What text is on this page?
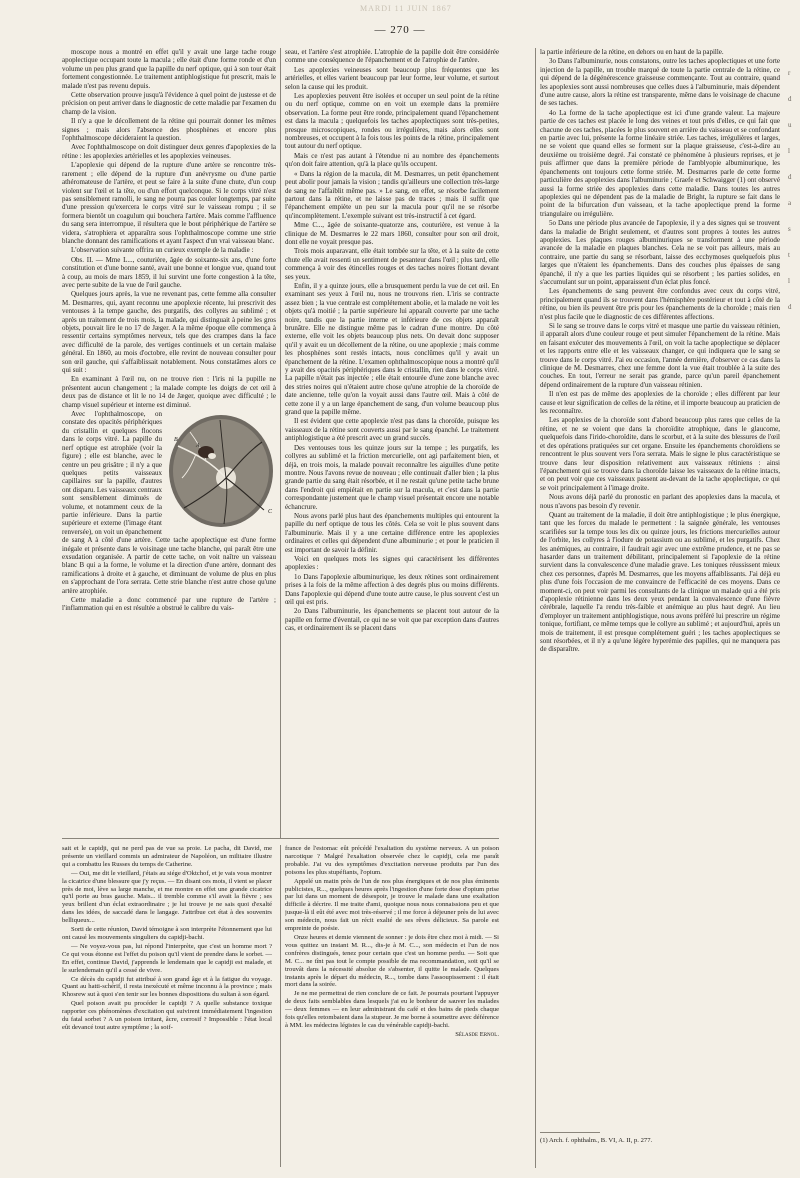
MARDI 11 JUIN 1867
— 270 —

moscope nous a montré en effet qu'il y avait une large tache rouge apoplectique occupant toute la macula ; elle était d'une forme ronde et d'un volume un peu plus grand que la papille du nerf optique, qui à son tour était fortement congestionnée. Le traitement antiphlogistique fut prescrit, mais le malade n'est pas revenu depuis.

Cette observation prouve jusqu'à l'évidence à quel point de justesse et de précision on peut arriver dans le diagnostic de cette maladie par l'examen du champ de la vision.

Il n'y a que le décollement de la rétine qui pourrait donner les mêmes signes ; mais alors l'absence des phosphènes et encore plus l'ophthalmoscope décideraient la question.

Avec l'ophthalmoscope on doit distinguer deux genres d'apoplexies de la rétine : les apoplexies artérielles et les apoplexies veineuses.

L'apoplexie qui dépend de la rupture d'une artère se rencontre très-rarement ; elle dépend de la rupture d'un anévrysme ou d'une partie athéromateuse de l'artère, et peut se faire à la suite d'une chute, d'un coup violent sur l'œil et la tête, ou d'un effort quelconque. Si le corps vitré n'est pas sensiblement ramolli, le sang ne pourra pas couler longtemps, par suite d'une pression qu'exercera le corps vitré sur le vaisseau rompu ; il se formera bientôt un coagulum qui bouchera l'artère. Mais comme l'affluence du sang sera interrompue, il résultera que le bout périphérique de l'artère se videra, s'atrophiera et apparaîtra sous l'ophthalmoscope comme une strie blanche donnant des ramifications et ayant l'aspect d'un vrai vaisseau blanc.

L'observation suivante offrira un curieux exemple de la maladie :

Obs. II. — Mme L..., couturière, âgée de soixante-six ans, d'une forte constitution et d'une bonne santé, avait une bonne et longue vue, quand tout à coup, au mois de mars 1859, il lui survint une forte congestion à la tête, avec perte subite de la vue de l'œil gauche.

Quelques jours après, la vue ne revenant pas, cette femme alla consulter M. Desmarres, qui, ayant reconnu une apoplexie récente, lui prescrivit des ventouses à la tempe gauche, des purgatifs, des collyres au sublimé ; et après un traitement de trois mois, la malade, qui distinguait à peine les gros objets, pouvait lire le no 17 de Jæger. A la même époque elle commença à ressentir certains symptômes nerveux, tels que des crampes dans la face avec difficulté de la parole, des vertiges continuels et un certain malaise général. En 1860, au mois d'octobre, elle revint de nouveau consulter pour son œil gauche, qui s'affaiblissait notablement. Nous constatâmes alors ce qui suit :

En examinant à l'œil nu, on ne trouve rien : l'iris ni la pupille ne présentent aucun changement ; la malade compte les doigts de cet œil à deux pas de distance et lit le no 14 de Jæger, quoique avec difficulté ; le champ visuel supérieur et interne est diminué.

A
B
C

Avec l'ophthalmoscope, on constate des opacités périphériques du cristallin et quelques flocons dans le corps vitré. La papille du nerf optique est atrophiée (voir la figure) ; elle est blanche, avec le centre un peu grisâtre ; il n'y a que quelques petits vaisseaux capillaires sur la papille, d'autres ont disparu. Les vaisseaux centraux sont sensiblement diminués de volume, et notamment ceux de la partie inférieure. Dans la partie supérieure et externe (l'image étant renversée), on voit un épanchement de sang A à côté d'une artère. Cette tache apoplectique est d'une forme inégale et présente dans le voisinage une tache blanche, qui paraît être une exsudation organisée. A partir de cette tache, on voit naître un vaisseau blanc B qui a la forme, le volume et la direction d'une artère, donnant des ramifications à droite et à gauche, et diminuant de volume de plus en plus en s'approchant de l'ora serrata. Cette strie blanche n'est autre chose qu'une artère atrophiée.

Cette maladie a donc commencé par une rupture de l'artère ; l'inflammation qui en est résultée a obstrué le calibre du vais-

seau, et l'artère s'est atrophiée. L'atrophie de la papille doit être considérée comme une conséquence de l'épanchement et de l'atrophie de l'artère.

Les apoplexies veineuses sont beaucoup plus fréquentes que les artérielles, et elles varient beaucoup par leur forme, leur volume, et surtout selon la cause qui les produit.

Les apoplexies peuvent être isolées et occuper un seul point de la rétine ou du nerf optique, comme on en voit un exemple dans la première observation. La forme peut être ronde, principalement quand l'épanchement est dans la macula ; quelquefois les taches apoplectiques sont très-petites, presque microscopiques, rondes ou irrégulières, mais alors elles sont nombreuses, et occupent à la fois tous les points de la rétine, principalement tout autour du nerf optique.

Mais ce n'est pas autant à l'étendue ni au nombre des épanchements qu'on doit faire attention, qu'à la place qu'ils occupent.

« Dans la région de la macula, dit M. Desmarres, un petit épanchement peut abolir pour jamais la vision ; tandis qu'ailleurs une collection très-large de sang ne l'affaiblit même pas. » Le sang, en effet, se résorbe facilement partout dans la rétine, et ne laisse pas de traces ; mais il suffit que l'épanchement empiète un peu sur la macula pour qu'il ne se résorbe qu'incomplètement. L'exemple suivant est très-instructif à cet égard.

Mme C..., âgée de soixante-quatorze ans, couturière, est venue à la clinique de M. Desmarres le 22 mars 1860, consulter pour son œil droit, dont elle ne voyait presque pas.

Trois mois auparavant, elle était tombée sur la tête, et à la suite de cette chute elle avait ressenti un sentiment de pesanteur dans l'œil ; plus tard, elle commença à voir des étincelles rouges et des taches noires flottant devant ses yeux.

Enfin, il y a quinze jours, elle a brusquement perdu la vue de cet œil. En examinant ses yeux à l'œil nu, nous ne trouvons rien. L'iris se contracte assez bien ; la vue centrale est complétement abolie, et la malade ne voit les objets qu'à moitié ; la partie supérieure lui apparaît couverte par une tache noire, tandis que la partie interne et inférieure de ces objets apparaît brunâtre. Elle ne distingue même pas le cadran d'une montre. Du côté externe, elle voit les objets beaucoup plus nets. On devait donc supposer qu'il y avait eu un décollement de la rétine, ou une apoplexie ; mais comme les phosphènes sont restés intacts, nous conclûmes qu'il y avait un épanchement de la rétine. L'examen ophthalmoscopique nous a montré qu'il y avait des opacités périphériques dans le cristallin, rien dans le corps vitré. La papille n'était pas injectée ; elle était entourée d'une zone blanche avec des stries noires qui n'étaient autre chose qu'une atrophie de la choroïde de date ancienne, telle qu'on la voyait aussi dans l'autre œil. Mais à côté de cette zone il y a un large épanchement de sang, d'un volume beaucoup plus grand que la papille même.

Il est évident que cette apoplexie n'est pas dans la choroïde, puisque les vaisseaux de la rétine sont couverts aussi par le sang épanché. Le traitement antiphlogistique a été prescrit avec un grand succès.

Des ventouses tous les quinze jours sur la tempe ; les purgatifs, les collyres au sublimé et la friction mercurielle, ont agi parfaitement bien, et déjà, en trois mois, la malade pouvait reconnaître les aiguilles d'une petite montre. Nous l'avons revue de nouveau ; elle continuait d'aller bien ; la plus grande partie du sang était résorbée, et il ne restait qu'une petite tache brune dans l'endroit qui empiétait en partie sur la macula, et c'est dans la partie correspondante justement que le champ visuel présentait encore une notable échancrure.

Nous avons parlé plus haut des épanchements multiples qui entourent la papille du nerf optique de tous les côtés. Cela se voit le plus souvent dans l'albuminurie. Mais il y a une certaine différence entre les apoplexies ordinaires et celles qui dépendent d'une albuminurie ; et pour le praticien il est important de savoir la définir.

Voici en quelques mots les signes qui caractérisent les différentes apoplexies :

1o Dans l'apoplexie albuminurique, les deux rétines sont ordinairement prises à la fois de la même affection à des degrés plus ou moins différents. Dans l'apoplexie qui dépend d'une toute autre cause, le plus souvent c'est un œil qui est pris.

2o Dans l'albuminurie, les épanchements se placent tout autour de la papille en forme d'éventail, ce qui ne se voit que par exception dans d'autres cas, et ordinairement ils se placent dans

la partie inférieure de la rétine, en dehors ou en haut de la papille.

3o Dans l'albuminurie, nous constatons, outre les taches apoplectiques et une forte injection de la papille, un trouble marqué de toute la partie centrale de la rétine, ce qui dépend de la dégénérescence graisseuse commençante. Tout au contraire, quand les apoplexies sont aussi nombreuses que celles dues à l'albuminurie, mais dépendent d'une autre cause, alors la rétine est transparente, même dans le voisinage de chacune de ses taches.

4o La forme de la tache apoplectique est ici d'une grande valeur. La majeure partie de ces taches est placée le long des veines et tout près d'elles, ce qui fait que chacune de ces taches, placées le plus souvent en arrière du vaisseau et se confondant en partie avec lui, présente la forme linéaire striée. Les taches, irrégulières et larges, ne se voient que quand elles se forment sur la plaque graisseuse, c'est-à-dire au deuxième ou troisième degré. J'ai constaté ce phénomène à plusieurs reprises, et je puis affirmer que dans la première période de l'amblyopie albuminurique, les épanchements ont toujours cette forme striée. M. Desmarres parle de cette forme particulière des apoplexies dans l'albuminurie ; Graefe et Schwaigger (1) ont observé aussi la forme striée des apoplexies dans cette maladie. Dans toutes les autres apoplexies qui ne dépendent pas de la maladie de Bright, la rupture se fait dans le point de la bifurcation d'un vaisseau, et la tache apoplectique prend la forme triangulaire ou irrégulière.

5o Dans une période plus avancée de l'apoplexie, il y a des signes qui se trouvent dans la maladie de Bright seulement, et d'autres sont propres à toutes les autres apoplexies. Les plaques rouges albuminuriques se transforment à une période avancée de la maladie en plaques blanches. Cela ne se voit pas ailleurs, mais au contraire, une partie du sang se résorbant, laisse des ecchymoses quelquefois plus larges que n'étaient les épanchements. Dans des couches plus épaisses de sang épanché, il n'y a que les parties liquides qui se résorbent ; les parties solides, en s'accumulant sur un point, apparaissent d'un éclat plus foncé.

Les épanchements de sang peuvent être confondus avec ceux du corps vitré, principalement quand ils se trouvent dans l'hémisphère postérieur et tout à côté de la rétine, ou bien ils peuvent être pris pour les épanchements de la choroïde ; mais rien n'est plus facile que le diagnostic de ces différentes affections.

Si le sang se trouve dans le corps vitré et masque une partie du vaisseau rétinien, il apparaît alors d'une couleur rouge et peut simuler l'épanchement de la rétine. Mais en faisant exécuter des mouvements à l'œil, on voit la tache apoplectique se déplacer et les rapports entre elle et les vaisseaux changer, ce qui indiquera que le sang se trouve dans le corps vitré. J'ai eu occasion, l'année dernière, d'observer ce cas dans la clinique de M. Desmarres, chez une femme dont la vue était troublée à la suite des couches. En tout, l'erreur ne serait pas grande, parce qu'un pareil épanchement dépend ordinairement de la rupture d'un vaisseau rétinien.

Il n'en est pas de même des apoplexies de la choroïde ; elles diffèrent par leur cause et leur signification de celles de la rétine, et il importe beaucoup au praticien de les reconnaître.

Les apoplexies de la choroïde sont d'abord beaucoup plus rares que celles de la rétine, et ne se voient que dans la choroïdite atrophique, dans le glaucome, quelquefois dans l'irido-choroïdite, dans le scorbut, et à la suite des blessures de l'œil et des opérations pratiquées sur cet organe. Ensuite les épanchements choroïdiens se rencontrent le plus souvent vers l'ora serrata. Mais le signe le plus caractéristique se trouve dans leur disposition relativement aux vaisseaux rétiniens : ainsi l'épanchement qui se trouve dans la choroïde laisse les vaisseaux de la rétine intacts, et on peut voir que ces vaisseaux passent au-devant de la tache apoplectique, ce qui se voit principalement à l'image droite.

Nous avons déjà parlé du pronostic en parlant des apoplexies dans la macula, et nous n'avons pas besoin d'y revenir.

Quant au traitement de la maladie, il doit être antiphlogistique ; le plus énergique, tant que les forces du malade le permettent : la saignée générale, les ventouses scarifiées sur la tempe tous les dix ou quinze jours, les frictions mercurielles autour de l'orbite, les collyres à l'iodure de potassium ou au sublimé, et les purgatifs. Chez les anémiques, au contraire, il faudrait agir avec une extrême prudence, et ne pas se hasarder dans un traitement débilitant, principalement si l'apoplexie de la rétine survient dans la convalescence d'une maladie grave. Les toniques réussissent mieux chez ces personnes, d'après M. Desmarres, que les moyens affaiblissants. J'ai déjà eu plus d'une fois l'occasion de me convaincre de l'efficacité de ces moyens. Dans ce moment-ci, on peut voir parmi les consultants de la clinique un malade qui a été pris d'apoplexie rétinienne dans les deux yeux pendant la convalescence d'une fièvre cérébrale, laquelle l'a rendu très-faible et anémique au plus haut degré. Au lieu d'employer un traitement antiphlogistique, nous avons préféré lui prescrire un régime tonique, fortifiant, ce même temps que le collyre au sublimé ; et aujourd'hui, après un mois de traitement, il est presque complétement guéri ; les taches apoplectiques se sont résorbées, et il n'y a qu'une légère hyperémie des papilles, qui ne manquera pas de disparaître.

(1) Arch. f. ophthalm., B. VI, A. II, p. 277.

sait et le capidji, qui ne perd pas de vue sa proie. Le pacha, dit David, me présente un vieillard commis un admirateur de Napoléon, un militaire illustre qui a combattu les Russes du temps de Catherine.

— Oui, me dit le vieillard, j'étais au siége d'Oktchof, et je vais vous montrer la cicatrice d'une blessure que j'y reçus. — En disant ces mots, il vient se placer près de moi, lève sa large manche, et me montre en effet une grande cicatrice qu'il porte au bras gauche. Mais... il tremble comme s'il avait la fièvre ; ses yeux brillent d'un éclat extraordinaire ; je lui trouve je ne sais quoi d'exalté dans les idées, de saccadé dans le langage. J'attribue cet état à des souvenirs belliqueux...

Sorti de cette réunion, David témoigne à son interprète l'étonnement que lui ont causé les mouvements singuliers du capidji-bachi.

— Ne voyez-vous pas, lui répond l'interprète, que c'est un homme mort ? Ce qui vous étonne est l'effet du poison qu'il vient de prendre dans le sorbet. — En effet, continue David, j'apprends le lendemain que le capidji est malade, et le surlendemain qu'il a cessé de vivre.

Ce décès du capidji fut attribué à son grand âge et à la fatigue du voyage. Quant au hatti-schérif, il resta inexécuté et même inconnu à la province ; mais Khosrew sut à quoi s'en tenir sur les bonnes dispositions du sultan à son égard.

Quel poison avait pu procéder le capidji ? A quelle substance toxique rapporter ces phénomènes d'excitation qui suivirent immédiatement l'ingestion du fatal sorbet ? A un poison irritant, âcre, corrosif ? Impossible : l'état local eût devancé tout autre symptôme ; la soif-

france de l'estomac eût précédé l'exaltation du système nerveux. A un poison narcotique ? Malgré l'exaltation observée chez le capidji, cela me paraît probable. J'ai vu des symptômes d'excitation nerveuse produits par l'un des poisons les plus stupéfiants, l'opium.

Appelé un matin près de l'un de nos plus énergiques et de nos plus éminents publicistes, R..., quelques heures après l'ingestion d'une forte dose d'opium prise par lui dans un moment de désespoir, je trouve le malade dans une exaltation difficile à décrire. Il me traite d'ami, quoique nous nous connaissions peu et que jusque-là il eût été avec moi très-réservé ; il me force à déjeuner près de lui avec son médecin, nous fait un récit exalté de ses rêves délicieux. Sa parole est empreinte de poésie.

Onze heures et demie viennent de sonner : je dois être chez moi à midi. — Si vous quittez un instant M. R..., dis-je à M. C..., son médecin et l'un de nos confrères distingués, tenez pour certain que c'est un homme perdu. — Soit que M. C... ne tînt pas tout le compte possible de ma recommandation, soit qu'il se trouvât dans la nécessité absolue de s'absenter, il quitte le malade. Quelques instants après le départ du médecin, R..., tombe dans l'assoupissement : il était mort dans la soirée.

Je ne me permettrai de rien conclure de ce fait. Je pourrais pourtant l'appuyer de deux faits semblables dans lesquels j'ai eu le bonheur de sauver les malades — deux femmes — en leur administrant du café et des bains de pieds chaque fois qu'elles retombaient dans la stupeur. Je me borne à soumettre avec déférence à MM. les médecins légistes le cas du vénérable capidji-bachi.

Sélasde Ernol.

r
d
u
l
d
a
s
t
l
d
